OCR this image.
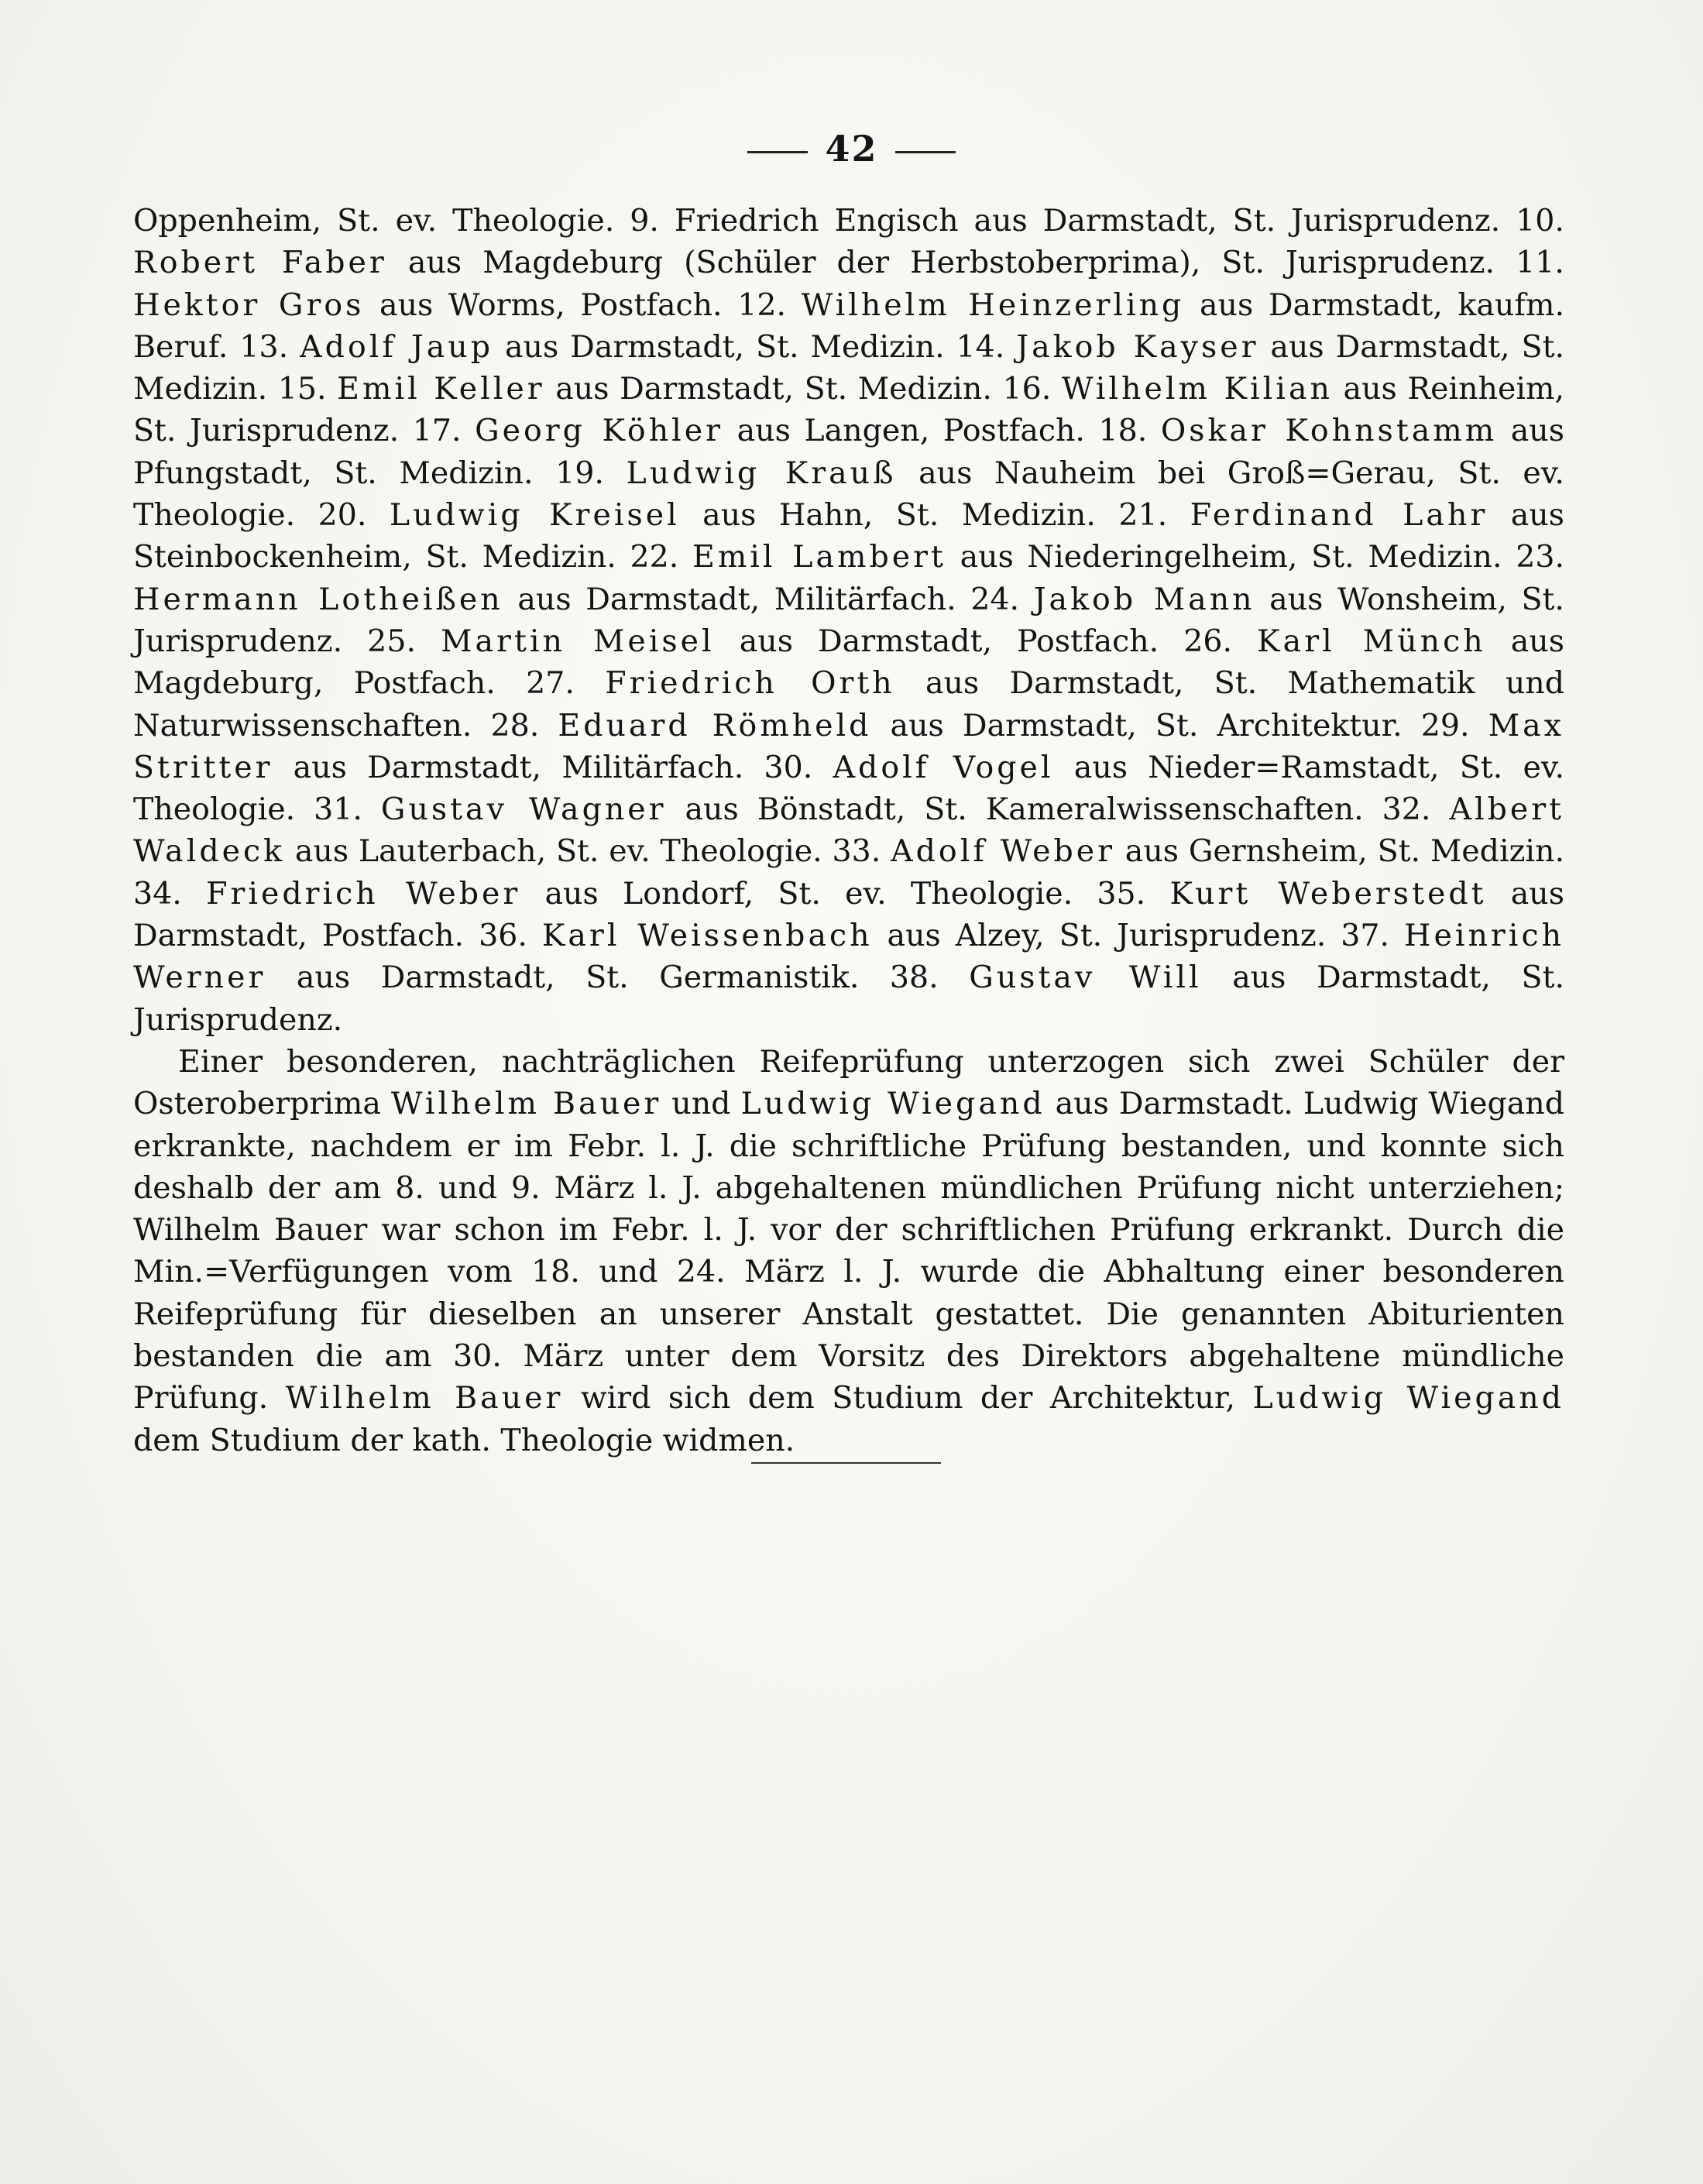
42

Oppenheim, St. ev. Theologie. 9. Friedrich Engisch aus Darmstadt, St. Jurisprudenz. 10. Robert Faber aus Magdeburg (Schüler der Herbstoberprima), St. Jurisprudenz. 11. Hektor Gros aus Worms, Postfach. 12. Wilhelm Heinzerling aus Darmstadt, kaufm. Beruf. 13. Adolf Jaup aus Darmstadt, St. Medizin. 14. Jakob Kayser aus Darmstadt, St. Medizin. 15. Emil Keller aus Darmstadt, St. Medizin. 16. Wilhelm Kilian aus Reinheim, St. Jurisprudenz. 17. Georg Köhler aus Langen, Postfach. 18. Oskar Kohnstamm aus Pfungstadt, St. Medizin. 19. Ludwig Krauß aus Nauheim bei Groß=Gerau, St. ev. Theologie. 20. Ludwig Kreisel aus Hahn, St. Medizin. 21. Ferdinand Lahr aus Steinbockenheim, St. Medizin. 22. Emil Lambert aus Niederingelheim, St. Medizin. 23. Hermann Lotheißen aus Darmstadt, Militärfach. 24. Jakob Mann aus Wonsheim, St. Jurisprudenz. 25. Martin Meisel aus Darmstadt, Postfach. 26. Karl Münch aus Magdeburg, Postfach. 27. Friedrich Orth aus Darmstadt, St. Mathematik und Naturwissenschaften. 28. Eduard Römheld aus Darmstadt, St. Architektur. 29. Max Stritter aus Darmstadt, Militärfach. 30. Adolf Vogel aus Nieder=Ramstadt, St. ev. Theologie. 31. Gustav Wagner aus Bönstadt, St. Kameralwissenschaften. 32. Albert Waldeck aus Lauterbach, St. ev. Theologie. 33. Adolf Weber aus Gernsheim, St. Medizin. 34. Friedrich Weber aus Londorf, St. ev. Theologie. 35. Kurt Weberstedt aus Darmstadt, Postfach. 36. Karl Weissenbach aus Alzey, St. Jurisprudenz. 37. Heinrich Werner aus Darmstadt, St. Germanistik. 38. Gustav Will aus Darmstadt, St. Jurisprudenz.

Einer besonderen, nachträglichen Reifeprüfung unterzogen sich zwei Schüler der Osteroberprima Wilhelm Bauer und Ludwig Wiegand aus Darmstadt. Ludwig Wiegand erkrankte, nachdem er im Febr. l. J. die schriftliche Prüfung bestanden, und konnte sich deshalb der am 8. und 9. März l. J. abgehaltenen mündlichen Prüfung nicht unterziehen; Wilhelm Bauer war schon im Febr. l. J. vor der schriftlichen Prüfung erkrankt. Durch die Min.=Verfügungen vom 18. und 24. März l. J. wurde die Abhaltung einer besonderen Reifeprüfung für dieselben an unserer Anstalt gestattet. Die genannten Abiturienten bestanden die am 30. März unter dem Vorsitz des Direktors abgehaltene mündliche Prüfung. Wilhelm Bauer wird sich dem Studium der Architektur, Ludwig Wiegand dem Studium der kath. Theologie widmen.
